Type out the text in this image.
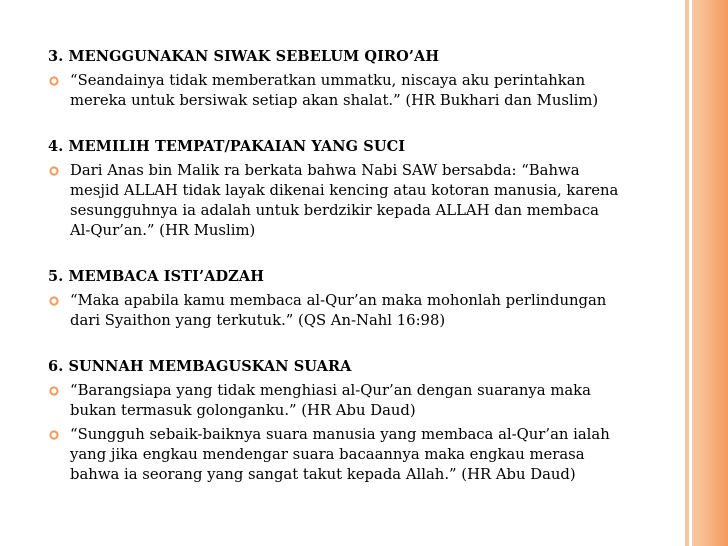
3. MENGGUNAKAN SIWAK SEBELUM QIRO’AH
“Seandainya tidak memberatkan ummatku, niscaya aku perintahkan
mereka untuk bersiwak setiap akan shalat.” (HR Bukhari dan Muslim)
4. MEMILIH TEMPAT/PAKAIAN YANG SUCI
Dari Anas bin Malik ra berkata bahwa Nabi SAW bersabda: “Bahwa
mesjid ALLAH tidak layak dikenai kencing atau kotoran manusia, karena
sesungguhnya ia adalah untuk berdzikir kepada ALLAH dan membaca
Al-Qur’an.” (HR Muslim)
5. MEMBACA ISTI’ADZAH
“Maka apabila kamu membaca al-Qur’an maka mohonlah perlindungan
dari Syaithon yang terkutuk.” (QS An-Nahl 16:98)
6. SUNNAH MEMBAGUSKAN SUARA
“Barangsiapa yang tidak menghiasi al-Qur’an dengan suaranya maka
bukan termasuk golonganku.” (HR Abu Daud)
“Sungguh sebaik-baiknya suara manusia yang membaca al-Qur’an ialah
yang jika engkau mendengar suara bacaannya maka engkau merasa
bahwa ia seorang yang sangat takut kepada Allah.” (HR Abu Daud)
